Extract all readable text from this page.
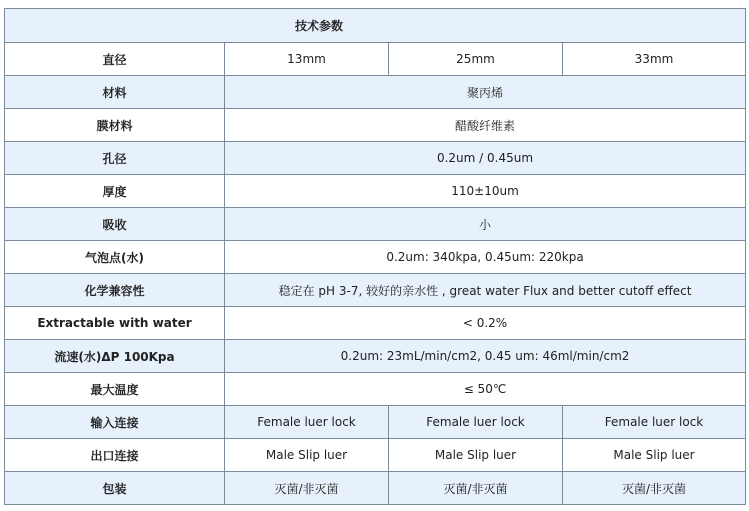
技术参数			
直径	13mm	25mm	33mm
材料	聚丙烯		
膜材料	醋酸纤维素		
孔径	0.2um / 0.45um		
厚度	110±10um		
吸收	小		
气泡点(水)	0.2um: 340kpa, 0.45um: 220kpa		
化学兼容性	稳定在 pH 3-7, 较好的亲水性 , great water Flux and better cutoff effect		
Extractable with water	< 0.2%		
流速(水)ΔP 100Kpa	0.2um: 23mL/min/cm2, 0.45 um: 46ml/min/cm2		
最大温度	≤ 50℃		
输入连接	Female luer lock	Female luer lock	Female luer lock
出口连接	Male Slip luer	Male Slip luer	Male Slip luer
包装	灭菌/非灭菌	灭菌/非灭菌	灭菌/非灭菌
